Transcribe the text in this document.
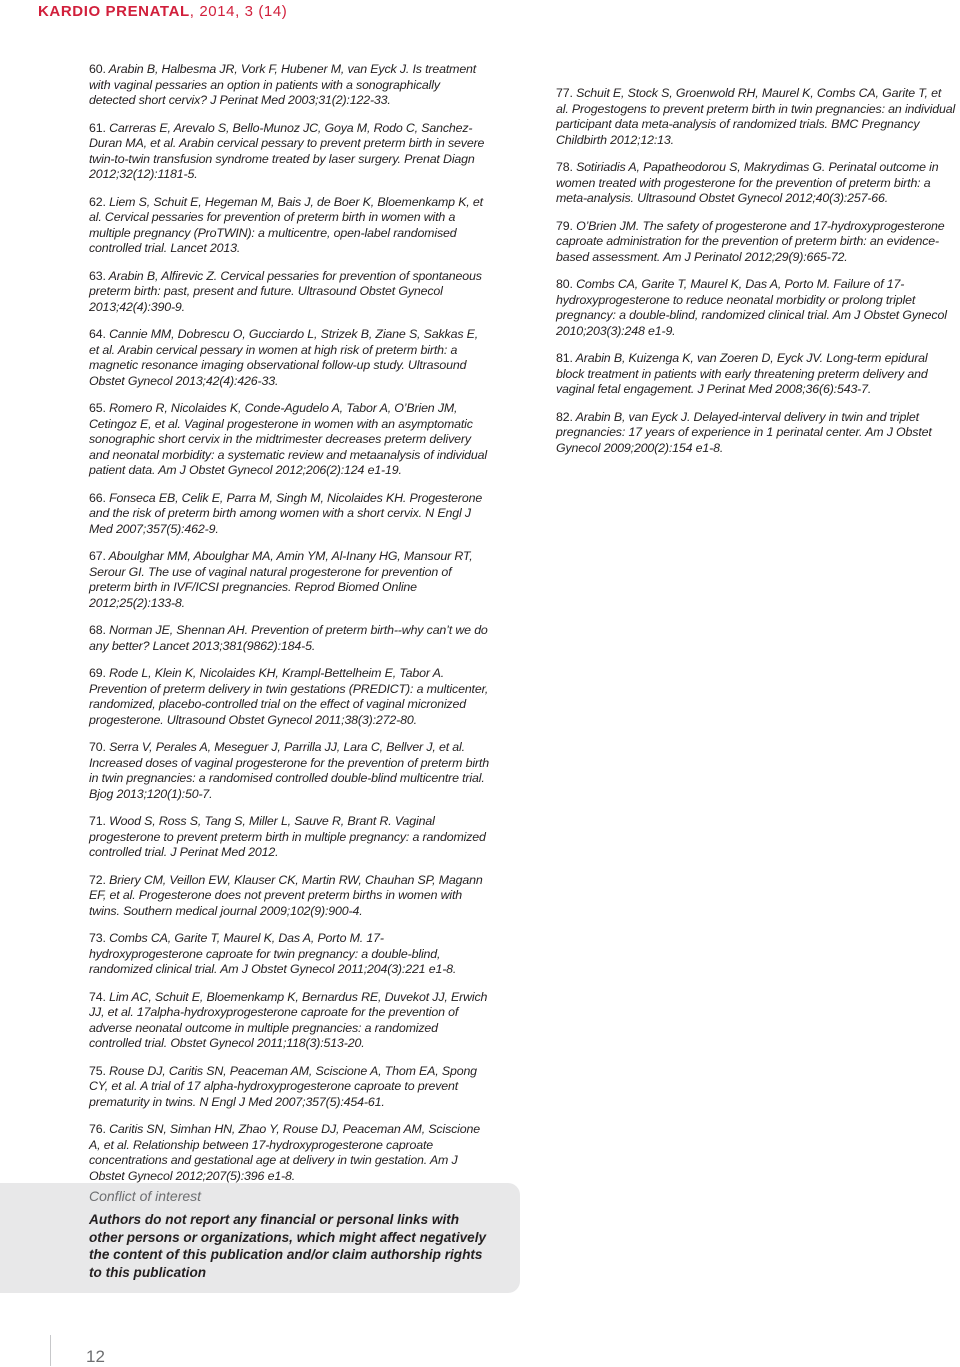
KARDIO PRENATAL, 2014, 3 (14)

60. Arabin B, Halbesma JR, Vork F, Hubener M, van Eyck J. Is treatment with vaginal pessaries an option in patients with a sonographically detected short cervix? J Perinat Med 2003;31(2):122-33.

61. Carreras E, Arevalo S, Bello-Munoz JC, Goya M, Rodo C, Sanchez-Duran MA, et al. Arabin cervical pessary to prevent preterm birth in severe twin-to-twin transfusion syndrome treated by laser surgery. Prenat Diagn 2012;32(12):1181-5.

62. Liem S, Schuit E, Hegeman M, Bais J, de Boer K, Bloemenkamp K, et al. Cervical pessaries for prevention of preterm birth in women with a multiple pregnancy (ProTWIN): a multicentre, open-label randomised controlled trial. Lancet 2013.

63. Arabin B, Alfirevic Z. Cervical pessaries for prevention of spontaneous preterm birth: past, present and future. Ultrasound Obstet Gynecol 2013;42(4):390-9.

64. Cannie MM, Dobrescu O, Gucciardo L, Strizek B, Ziane S, Sakkas E, et al. Arabin cervical pessary in women at high risk of preterm birth: a magnetic resonance imaging observational follow-up study. Ultrasound Obstet Gynecol 2013;42(4):426-33.

65. Romero R, Nicolaides K, Conde-Agudelo A, Tabor A, O’Brien JM, Cetingoz E, et al. Vaginal progesterone in women with an asymptomatic sonographic short cervix in the midtrimester decreases preterm delivery and neonatal morbidity: a systematic review and metaanalysis of individual patient data. Am J Obstet Gynecol 2012;206(2):124 e1-19.

66. Fonseca EB, Celik E, Parra M, Singh M, Nicolaides KH. Progesterone and the risk of preterm birth among women with a short cervix. N Engl J Med 2007;357(5):462-9.

67. Aboulghar MM, Aboulghar MA, Amin YM, Al-Inany HG, Mansour RT, Serour GI. The use of vaginal natural progesterone for prevention of preterm birth in IVF/ICSI pregnancies. Reprod Biomed Online 2012;25(2):133-8.

68. Norman JE, Shennan AH. Prevention of preterm birth--why can’t we do any better? Lancet 2013;381(9862):184-5.

69. Rode L, Klein K, Nicolaides KH, Krampl-Bettelheim E, Tabor A. Prevention of preterm delivery in twin gestations (PREDICT): a multicenter, randomized, placebo-controlled trial on the effect of vaginal micronized progesterone. Ultrasound Obstet Gynecol 2011;38(3):272-80.

70. Serra V, Perales A, Meseguer J, Parrilla JJ, Lara C, Bellver J, et al. Increased doses of vaginal progesterone for the prevention of preterm birth in twin pregnancies: a randomised controlled double-blind multicentre trial. Bjog 2013;120(1):50-7.

71. Wood S, Ross S, Tang S, Miller L, Sauve R, Brant R. Vaginal progesterone to prevent preterm birth in multiple pregnancy: a randomized controlled trial. J Perinat Med 2012.

72. Briery CM, Veillon EW, Klauser CK, Martin RW, Chauhan SP, Magann EF, et al. Progesterone does not prevent preterm births in women with twins. Southern medical journal 2009;102(9):900-4.

73. Combs CA, Garite T, Maurel K, Das A, Porto M. 17-hydroxyprogesterone caproate for twin pregnancy: a double-blind, randomized clinical trial. Am J Obstet Gynecol 2011;204(3):221 e1-8.

74. Lim AC, Schuit E, Bloemenkamp K, Bernardus RE, Duvekot JJ, Erwich JJ, et al. 17alpha-hydroxyprogesterone caproate for the prevention of adverse neonatal outcome in multiple pregnancies: a randomized controlled trial. Obstet Gynecol 2011;118(3):513-20.

75. Rouse DJ, Caritis SN, Peaceman AM, Sciscione A, Thom EA, Spong CY, et al. A trial of 17 alpha-hydroxyprogesterone caproate to prevent prematurity in twins. N Engl J Med 2007;357(5):454-61.

76. Caritis SN, Simhan HN, Zhao Y, Rouse DJ, Peaceman AM, Sciscione A, et al. Relationship between 17-hydroxyprogesterone caproate concentrations and gestational age at delivery in twin gestation. Am J Obstet Gynecol 2012;207(5):396 e1-8.

77. Schuit E, Stock S, Groenwold RH, Maurel K, Combs CA, Garite T, et al. Progestogens to prevent preterm birth in twin pregnancies: an individual participant data meta-analysis of randomized trials. BMC Pregnancy Childbirth 2012;12:13.

78. Sotiriadis A, Papatheodorou S, Makrydimas G. Perinatal outcome in women treated with progesterone for the prevention of preterm birth: a meta-analysis. Ultrasound Obstet Gynecol 2012;40(3):257-66.

79. O’Brien JM. The safety of progesterone and 17-hydroxyprogesterone caproate administration for the prevention of preterm birth: an evidence-based assessment. Am J Perinatol 2012;29(9):665-72.

80. Combs CA, Garite T, Maurel K, Das A, Porto M. Failure of 17-hydroxyprogesterone to reduce neonatal morbidity or prolong triplet pregnancy: a double-blind, randomized clinical trial. Am J Obstet Gynecol 2010;203(3):248 e1-9.

81. Arabin B, Kuizenga K, van Zoeren D, Eyck JV. Long-term epidural block treatment in patients with early threatening preterm delivery and vaginal fetal engagement. J Perinat Med 2008;36(6):543-7.

82. Arabin B, van Eyck J. Delayed-interval delivery in twin and triplet pregnancies: 17 years of experience in 1 perinatal center. Am J Obstet Gynecol 2009;200(2):154 e1-8.

Conflict of interest
Authors do not report any financial or personal links with other persons or organizations, which might affect negatively the content of this publication and/or claim authorship rights to this publication
12
